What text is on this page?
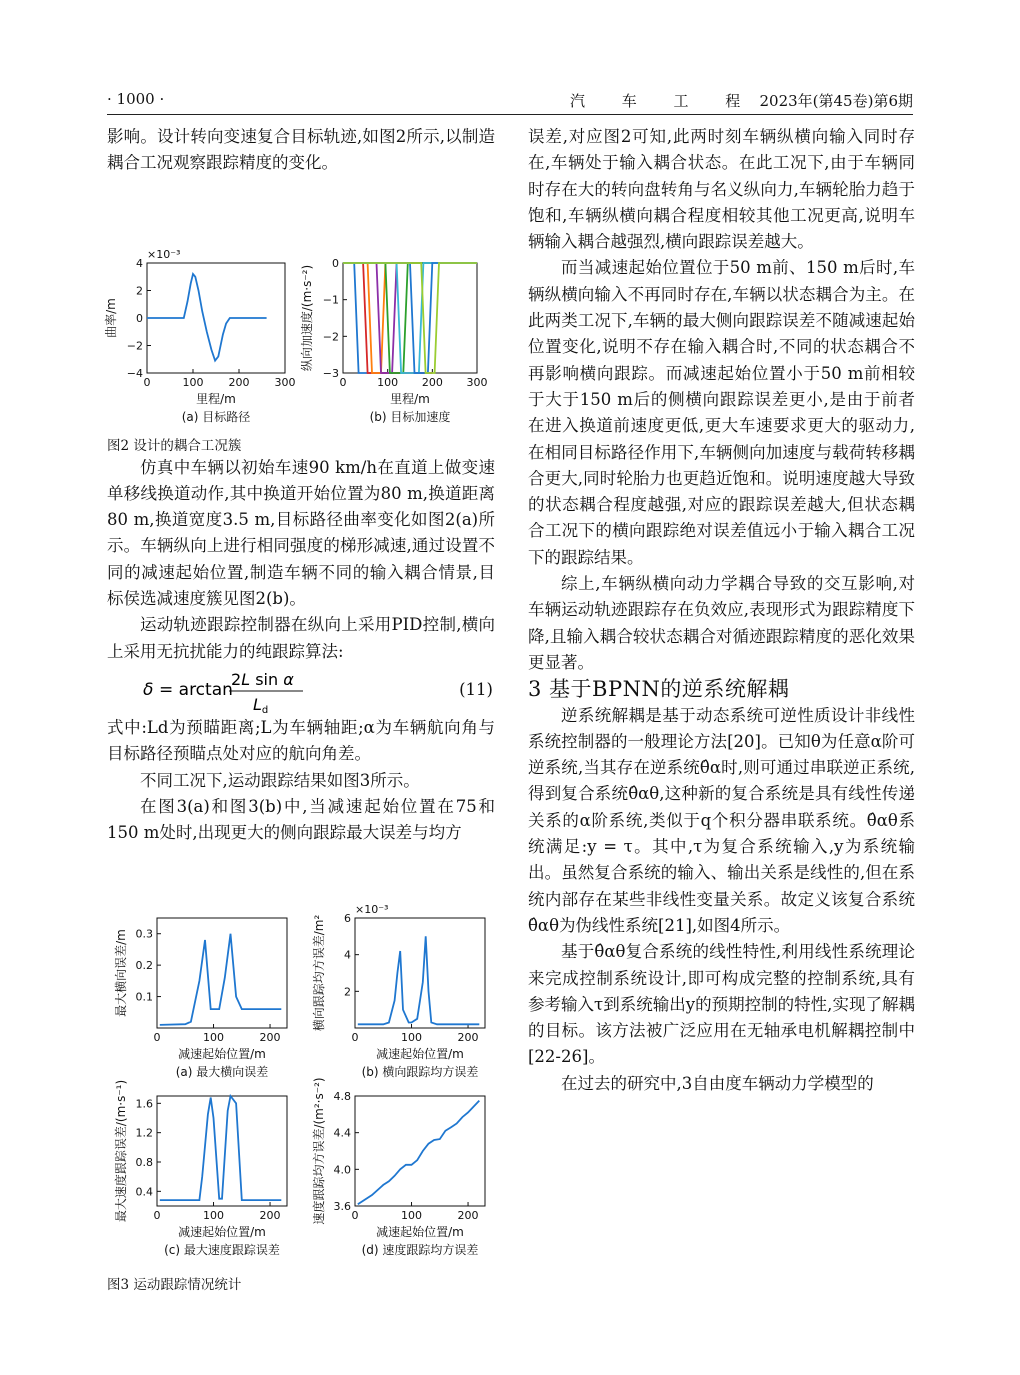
· 1000 ·	汽 车 工 程 2023年(第45卷)第6期

影响。设计转向变速复合目标轨迹,如图2所示,以制造耦合工况观察跟踪精度的变化。

0	100 200 300
4
2
0
−2
−4
×10⁻³
里程/m
曲率/m
(a) 目标路径
0	100 200 300
0
−1
−2
−3
里程/m
纵向加速度/(m·s⁻²)
(b) 目标加速度

图2 设计的耦合工况簇

仿真中车辆以初始车速90 km/h在直道上做变速单移线换道动作,其中换道开始位置为80 m,换道距离80 m,换道宽度3.5 m,目标路径曲率变化如图2(a)所示。车辆纵向上进行相同强度的梯形减速,通过设置不同的减速起始位置,制造车辆不同的输入耦合情景,目标侯选减速度簇见图2(b)。

运动轨迹跟踪控制器在纵向上采用PID控制,横向上采用无抗扰能力的纯跟踪算法:

δ = arctan
2L sin α
Ld
(11)

式中:Ld为预瞄距离;L为车辆轴距;α为车辆航向角与目标路径预瞄点处对应的航向角差。

不同工况下,运动跟踪结果如图3所示。

在图3(a)和图3(b)中,当减速起始位置在75和150 m处时,出现更大的侧向跟踪最大误差与均方

0	100	200
0.3
0.2
0.1
减速起始位置/m
最大横向误差/m
(a) 最大横向误差
0	100	200
6
4
2
×10⁻³
减速起始位置/m
横向跟踪均方误差/m²
(b) 横向跟踪均方误差
0	100	200
1.6
1.2
0.8
0.4
减速起始位置/m
最大速度跟踪误差/(m·s⁻¹)
(c) 最大速度跟踪误差
0	100	200
4.8
4.4
4.0
3.6
减速起始位置/m
速度跟踪均方误差/(m²·s⁻²)
(d) 速度跟踪均方误差

图3 运动跟踪情况统计

误差,对应图2可知,此两时刻车辆纵横向输入同时存在,车辆处于输入耦合状态。在此工况下,由于车辆同时存在大的转向盘转角与名义纵向力,车辆轮胎力趋于饱和,车辆纵横向耦合程度相较其他工况更高,说明车辆输入耦合越强烈,横向跟踪误差越大。

而当减速起始位置位于50 m前、150 m后时,车辆纵横向输入不再同时存在,车辆以状态耦合为主。在此两类工况下,车辆的最大侧向跟踪误差不随减速起始位置变化,说明不存在输入耦合时,不同的状态耦合不再影响横向跟踪。而减速起始位置小于50 m前相较于大于150 m后的侧横向跟踪误差更小,是由于前者在进入换道前速度更低,更大车速要求更大的驱动力,在相同目标路径作用下,车辆侧向加速度与载荷转移耦合更大,同时轮胎力也更趋近饱和。说明速度越大导致的状态耦合程度越强,对应的跟踪误差越大,但状态耦合工况下的横向跟踪绝对误差值远小于输入耦合工况下的跟踪结果。

综上,车辆纵横向动力学耦合导致的交互影响,对车辆运动轨迹跟踪存在负效应,表现形式为跟踪精度下降,且输入耦合较状态耦合对循迹跟踪精度的恶化效果更显著。

3 基于BPNN的逆系统解耦

逆系统解耦是基于动态系统可逆性质设计非线性系统控制器的一般理论方法[20]。已知θ为任意α阶可逆系统,当其存在逆系统θ̂α时,则可通过串联逆正系统,得到复合系统θ̂αθ,这种新的复合系统是具有线性传递关系的α阶系统,类似于q个积分器串联系统。θ̂αθ系统满足:y = τ。其中,τ为复合系统输入,y为系统输出。虽然复合系统的输入、输出关系是线性的,但在系统内部存在某些非线性变量关系。故定义该复合系统θ̂αθ为伪线性系统[21],如图4所示。

基于θ̂αθ复合系统的线性特性,利用线性系统理论来完成控制系统设计,即可构成完整的控制系统,具有参考输入τ到系统输出y的预期控制的特性,实现了解耦的目标。该方法被广泛应用在无轴承电机解耦控制中[22-26]。

在过去的研究中,3自由度车辆动力学模型的
